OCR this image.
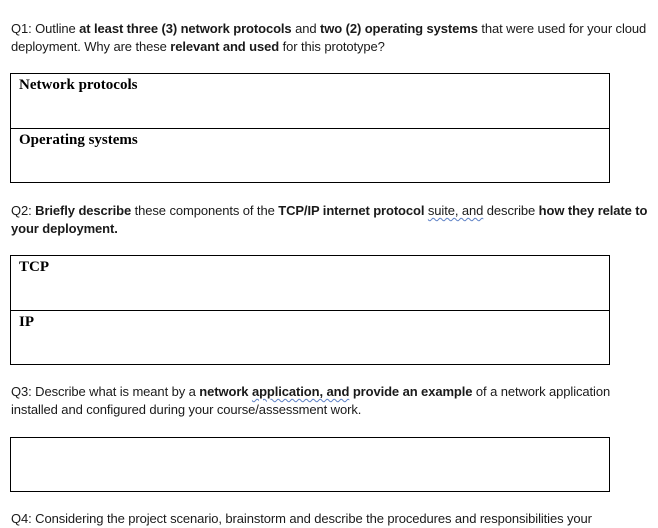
Q1: Outline at least three (3) network protocols and two (2) operating systems that were used for your cloud deployment. Why are these relevant and used for this prototype?
Network protocols
Operating systems
Q2: Briefly describe these components of the TCP/IP internet protocol suite, and describe how they relate to your deployment.
TCP
IP
Q3: Describe what is meant by a network application, and provide an example of a network application installed and configured during your course/assessment work.
Q4: Considering the project scenario, brainstorm and describe the procedures and responsibilities your
